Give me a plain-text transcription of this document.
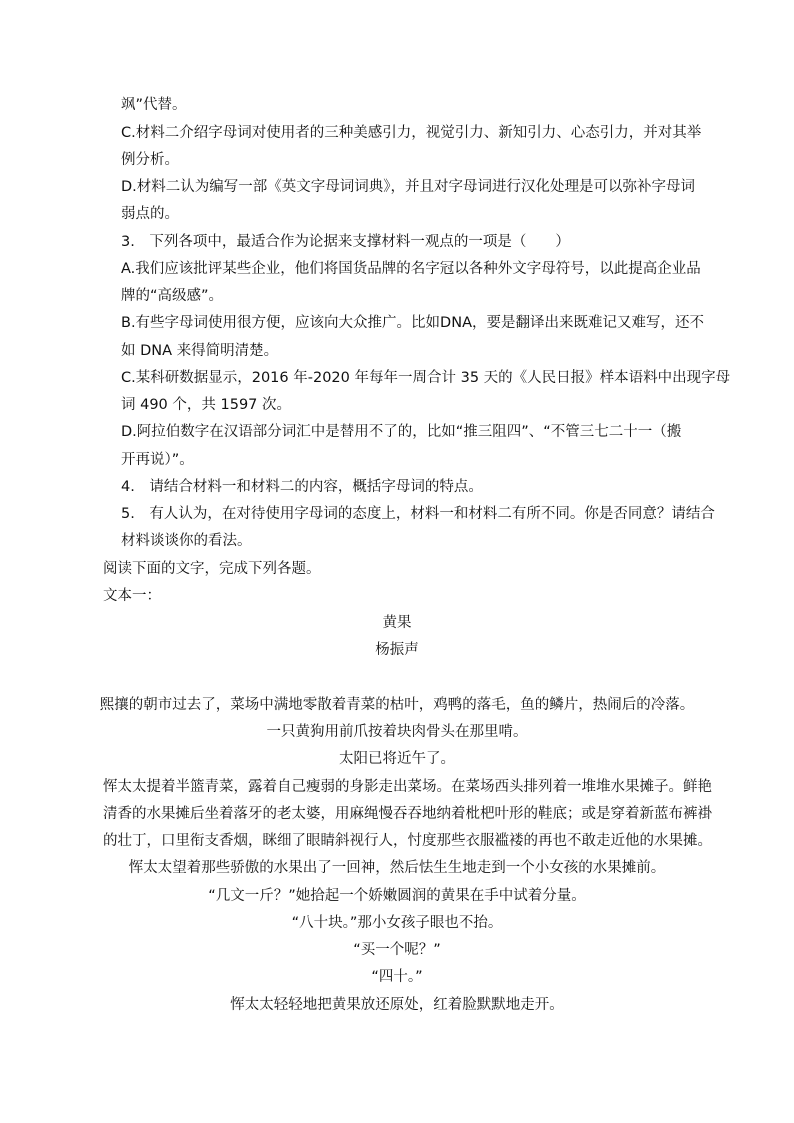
飒”代替。
C.材料二介绍字母词对使用者的三种美感引力，视觉引力、新知引力、心态引力，并对其举
例分析。
D.材料二认为编写一部《英文字母词词典》，并且对字母词进行汉化处理是可以弥补字母词
弱点的。
3.　下列各项中，最适合作为论据来支撑材料一观点的一项是（　　）
A.我们应该批评某些企业，他们将国货品牌的名字冠以各种外文字母符号，以此提高企业品
牌的“高级感”。
B.有些字母词使用很方便，应该向大众推广。比如DNA，要是翻译出来既难记又难写，还不
如 DNA 来得简明清楚。
C.某科研数据显示，2016 年-2020 年每年一周合计 35 天的《人民日报》样本语料中出现字母
词 490 个，共 1597 次。
D.阿拉伯数字在汉语部分词汇中是替用不了的，比如“推三阻四”、“不管三七二十一（搬
开再说）”。
4.　请结合材料一和材料二的内容，概括字母词的特点。
5.　有人认为，在对待使用字母词的态度上，材料一和材料二有所不同。你是否同意？请结合
材料谈谈你的看法。
阅读下面的文字，完成下列各题。
文本一：
黄果
杨振声
熙攘的朝市过去了，菜场中满地零散着青菜的枯叶，鸡鸭的落毛，鱼的鳞片，热闹后的冷落。
一只黄狗用前爪按着块肉骨头在那里啃。
太阳已将近午了。
恽太太提着半篮青菜，露着自己瘦弱的身影走出菜场。在菜场西头排列着一堆堆水果摊子。鲜艳
清香的水果摊后坐着落牙的老太婆，用麻绳慢吞吞地纳着枇杷叶形的鞋底；或是穿着新蓝布裤褂
的壮丁，口里衔支香烟，眯细了眼睛斜视行人，忖度那些衣服褴褛的再也不敢走近他的水果摊。
恽太太望着那些骄傲的水果出了一回神，然后怯生生地走到一个小女孩的水果摊前。
“几文一斤？”她拾起一个娇嫩圆润的黄果在手中试着分量。
“八十块。”那小女孩子眼也不抬。
“买一个呢？”
“四十。”
恽太太轻轻地把黄果放还原处，红着脸默默地走开。
